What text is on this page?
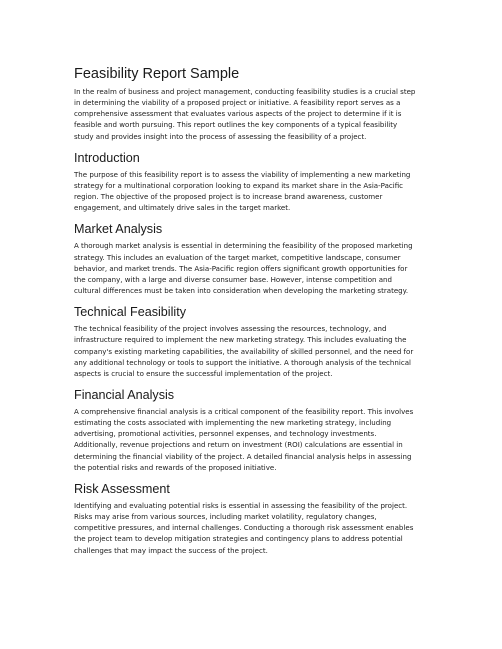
Feasibility Report Sample

In the realm of business and project management, conducting feasibility studies is a crucial step
in determining the viability of a proposed project or initiative. A feasibility report serves as a
comprehensive assessment that evaluates various aspects of the project to determine if it is
feasible and worth pursuing. This report outlines the key components of a typical feasibility
study and provides insight into the process of assessing the feasibility of a project.

Introduction

The purpose of this feasibility report is to assess the viability of implementing a new marketing
strategy for a multinational corporation looking to expand its market share in the Asia-Pacific
region. The objective of the proposed project is to increase brand awareness, customer
engagement, and ultimately drive sales in the target market.

Market Analysis

A thorough market analysis is essential in determining the feasibility of the proposed marketing
strategy. This includes an evaluation of the target market, competitive landscape, consumer
behavior, and market trends. The Asia-Pacific region offers significant growth opportunities for
the company, with a large and diverse consumer base. However, intense competition and
cultural differences must be taken into consideration when developing the marketing strategy.

Technical Feasibility

The technical feasibility of the project involves assessing the resources, technology, and
infrastructure required to implement the new marketing strategy. This includes evaluating the
company's existing marketing capabilities, the availability of skilled personnel, and the need for
any additional technology or tools to support the initiative. A thorough analysis of the technical
aspects is crucial to ensure the successful implementation of the project.

Financial Analysis

A comprehensive financial analysis is a critical component of the feasibility report. This involves
estimating the costs associated with implementing the new marketing strategy, including
advertising, promotional activities, personnel expenses, and technology investments.
Additionally, revenue projections and return on investment (ROI) calculations are essential in
determining the financial viability of the project. A detailed financial analysis helps in assessing
the potential risks and rewards of the proposed initiative.

Risk Assessment

Identifying and evaluating potential risks is essential in assessing the feasibility of the project.
Risks may arise from various sources, including market volatility, regulatory changes,
competitive pressures, and internal challenges. Conducting a thorough risk assessment enables
the project team to develop mitigation strategies and contingency plans to address potential
challenges that may impact the success of the project.
